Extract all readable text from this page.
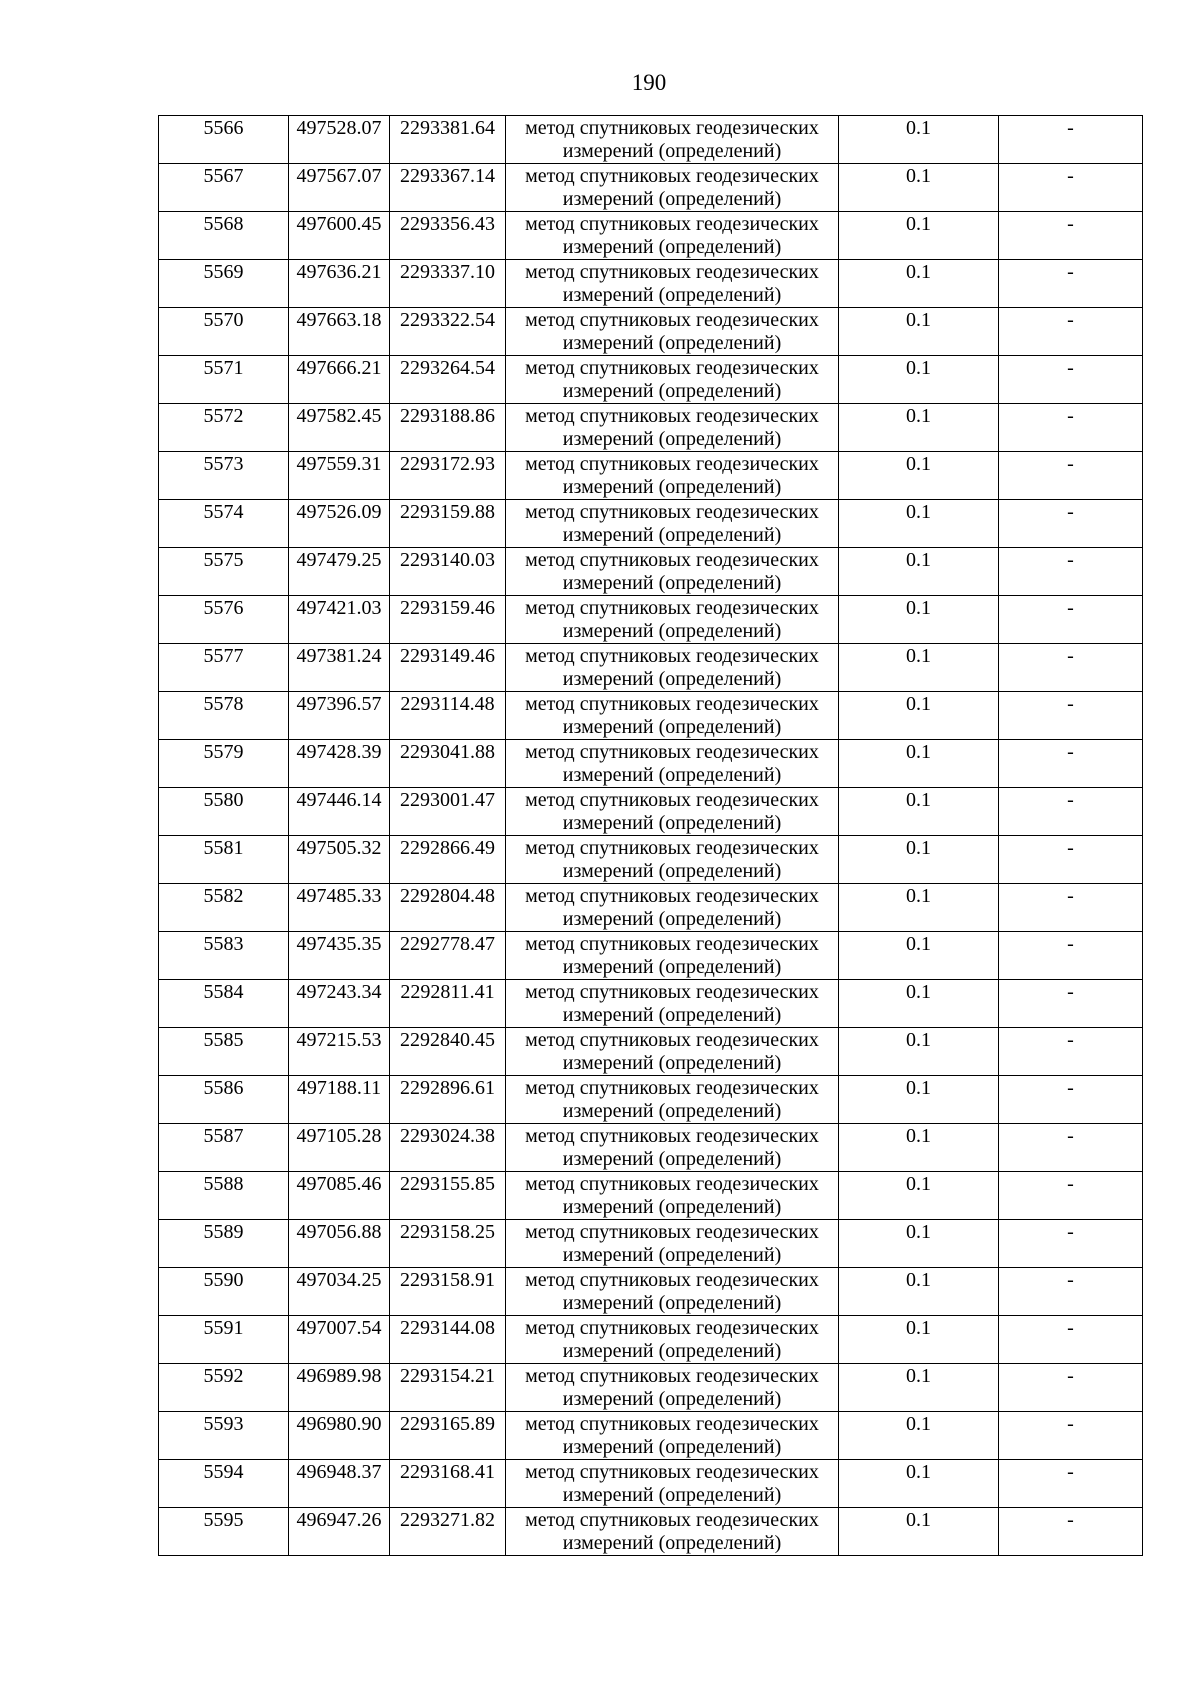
190
5566	497528.07	2293381.64	метод спутниковых геодезических измерений (определений)	0.1	-

5567	497567.07	2293367.14	метод спутниковых геодезических измерений (определений)	0.1	-

5568	497600.45	2293356.43	метод спутниковых геодезических измерений (определений)	0.1	-

5569	497636.21	2293337.10	метод спутниковых геодезических измерений (определений)	0.1	-

5570	497663.18	2293322.54	метод спутниковых геодезических измерений (определений)	0.1	-

5571	497666.21	2293264.54	метод спутниковых геодезических измерений (определений)	0.1	-

5572	497582.45	2293188.86	метод спутниковых геодезических измерений (определений)	0.1	-

5573	497559.31	2293172.93	метод спутниковых геодезических измерений (определений)	0.1	-

5574	497526.09	2293159.88	метод спутниковых геодезических измерений (определений)	0.1	-

5575	497479.25	2293140.03	метод спутниковых геодезических измерений (определений)	0.1	-

5576	497421.03	2293159.46	метод спутниковых геодезических измерений (определений)	0.1	-

5577	497381.24	2293149.46	метод спутниковых геодезических измерений (определений)	0.1	-

5578	497396.57	2293114.48	метод спутниковых геодезических измерений (определений)	0.1	-

5579	497428.39	2293041.88	метод спутниковых геодезических измерений (определений)	0.1	-

5580	497446.14	2293001.47	метод спутниковых геодезических измерений (определений)	0.1	-

5581	497505.32	2292866.49	метод спутниковых геодезических измерений (определений)	0.1	-

5582	497485.33	2292804.48	метод спутниковых геодезических измерений (определений)	0.1	-

5583	497435.35	2292778.47	метод спутниковых геодезических измерений (определений)	0.1	-

5584	497243.34	2292811.41	метод спутниковых геодезических измерений (определений)	0.1	-

5585	497215.53	2292840.45	метод спутниковых геодезических измерений (определений)	0.1	-

5586	497188.11	2292896.61	метод спутниковых геодезических измерений (определений)	0.1	-

5587	497105.28	2293024.38	метод спутниковых геодезических измерений (определений)	0.1	-

5588	497085.46	2293155.85	метод спутниковых геодезических измерений (определений)	0.1	-

5589	497056.88	2293158.25	метод спутниковых геодезических измерений (определений)	0.1	-

5590	497034.25	2293158.91	метод спутниковых геодезических измерений (определений)	0.1	-

5591	497007.54	2293144.08	метод спутниковых геодезических измерений (определений)	0.1	-

5592	496989.98	2293154.21	метод спутниковых геодезических измерений (определений)	0.1	-

5593	496980.90	2293165.89	метод спутниковых геодезических измерений (определений)	0.1	-

5594	496948.37	2293168.41	метод спутниковых геодезических измерений (определений)	0.1	-

5595	496947.26	2293271.82	метод спутниковых геодезических измерений (определений)	0.1	-
